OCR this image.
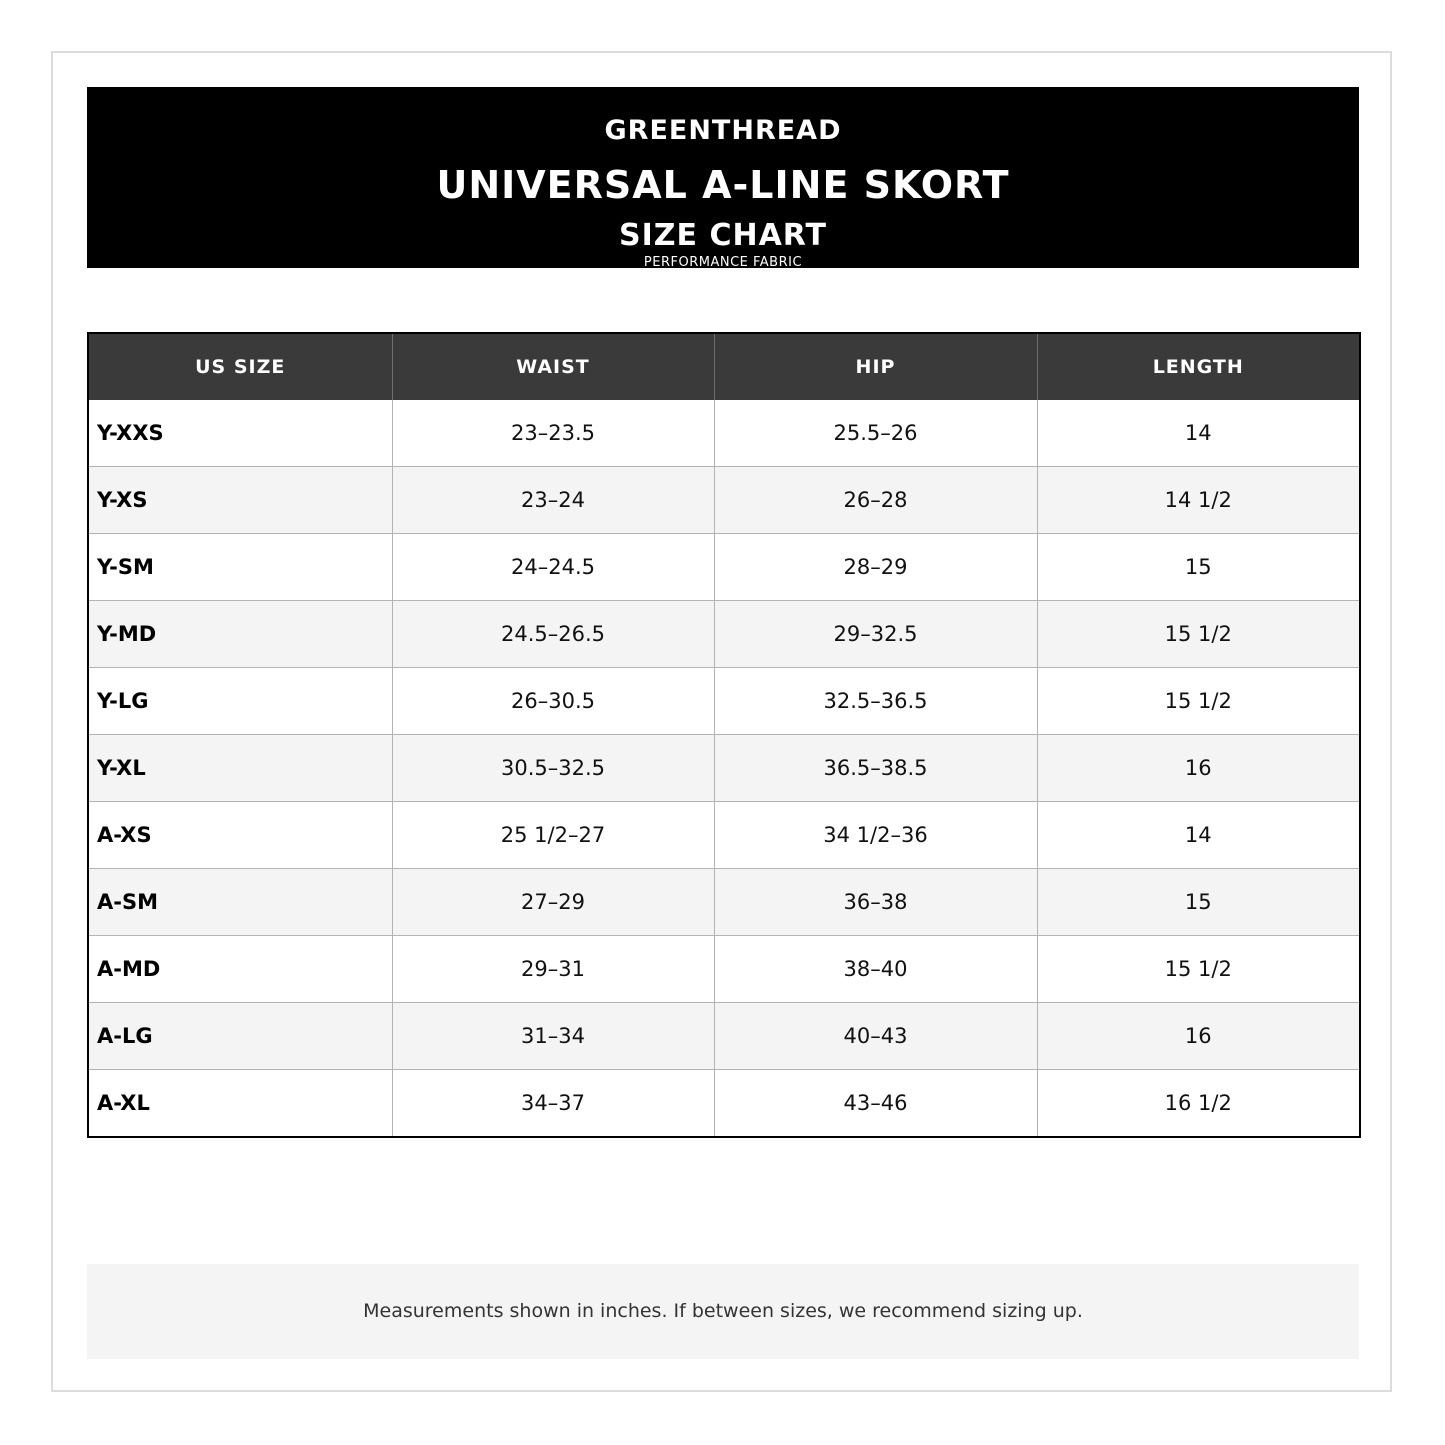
GREENTHREAD
UNIVERSAL A-LINE SKORT
SIZE CHART
PERFORMANCE FABRIC
US SIZE	WAIST	HIP	LENGTH
Y-XXS	23–23.5	25.5–26	14
Y-XS	23–24	26–28	14 1/2
Y-SM	24–24.5	28–29	15
Y-MD	24.5–26.5	29–32.5	15 1/2
Y-LG	26–30.5	32.5–36.5	15 1/2
Y-XL	30.5–32.5	36.5–38.5	16
A-XS	25 1/2–27	34 1/2–36	14
A-SM	27–29	36–38	15
A-MD	29–31	38–40	15 1/2
A-LG	31–34	40–43	16
A-XL	34–37	43–46	16 1/2
Measurements shown in inches. If between sizes, we recommend sizing up.
